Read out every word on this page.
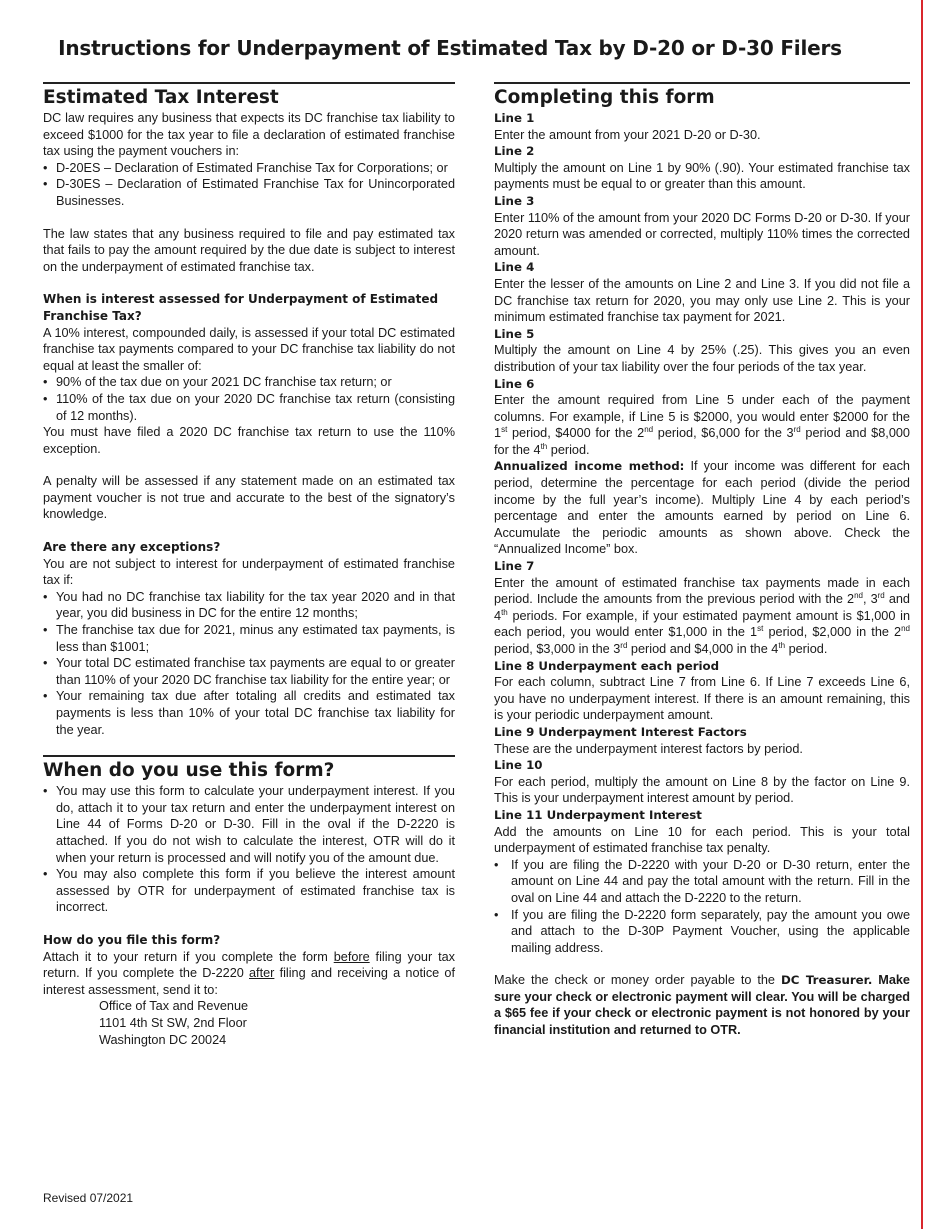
Instructions for Underpayment of Estimated Tax by D-20 or D-30 Filers
Estimated Tax Interest

DC law requires any business that expects its DC franchise tax liability to exceed $1000 for the tax year to file a declaration of estimated franchise tax using the payment vouchers in:

• D-20ES – Declaration of Estimated Franchise Tax for Corporations; or
• D-30ES – Declaration of Estimated Franchise Tax for Unincorporated Businesses.

The law states that any business required to file and pay estimated tax that fails to pay the amount required by the due date is subject to interest on the underpayment of estimated franchise tax.

When is interest assessed for Underpayment of Estimated Franchise Tax?

A 10% interest, compounded daily, is assessed if your total DC estimated franchise tax payments compared to your DC franchise tax liability do not equal at least the smaller of:

• 90% of the tax due on your 2021 DC franchise tax return; or
• 110% of the tax due on your 2020 DC franchise tax return (consisting of 12 months).

You must have filed a 2020 DC franchise tax return to use the 110% exception.

A penalty will be assessed if any statement made on an estimated tax payment voucher is not true and accurate to the best of the signatory’s knowledge.

Are there any exceptions?

You are not subject to interest for underpayment of estimated franchise tax if:

• You had no DC franchise tax liability for the tax year 2020 and in that year, you did business in DC for the entire 12 months;
• The franchise tax due for 2021, minus any estimated tax payments, is less than $1001;
• Your total DC estimated franchise tax payments are equal to or greater than 110% of your 2020 DC franchise tax liability for the entire year; or
• Your remaining tax due after totaling all credits and estimated tax payments is less than 10% of your total DC franchise tax liability for the year.
When do you use this form?
• You may use this form to calculate your underpayment interest. If you do, attach it to your tax return and enter the underpayment interest on Line 44 of Forms D-20 or D-30. Fill in the oval if the D-2220 is attached. If you do not wish to calculate the interest, OTR will do it when your return is processed and will notify you of the amount due.
• You may also complete this form if you believe the interest amount assessed by OTR for underpayment of estimated franchise tax is incorrect.
How do you file this form?

Attach it to your return if you complete the form before filing your tax return. If you complete the D-2220 after filing and receiving a notice of interest assessment, send it to:

Office of Tax and Revenue
1101 4th St SW, 2nd Floor
Washington DC 20024
Completing this form
Line 1

Enter the amount from your 2021 D-20 or D-30.

Line 2

Multiply the amount on Line 1 by 90% (.90). Your estimated franchise tax payments must be equal to or greater than this amount.

Line 3

Enter 110% of the amount from your 2020 DC Forms D-20 or D-30. If your 2020 return was amended or corrected, multiply 110% times the corrected amount.

Line 4

Enter the lesser of the amounts on Line 2 and Line 3. If you did not file a DC franchise tax return for 2020, you may only use Line 2. This is your minimum estimated franchise tax payment for 2021.

Line 5

Multiply the amount on Line 4 by 25% (.25). This gives you an even distribution of your tax liability over the four periods of the tax year.

Line 6

Enter the amount required from Line 5 under each of the payment columns. For example, if Line 5 is $2000, you would enter $2000 for the 1st period, $4000 for the 2nd period, $6,000 for the 3rd period and $8,000 for the 4th period.

Annualized income method: If your income was different for each period, determine the percentage for each period (divide the period income by the full year’s income). Multiply Line 4 by each period’s percentage and enter the amounts earned by period on Line 6. Accumulate the periodic amounts as shown above. Check the “Annualized Income” box.

Line 7

Enter the amount of estimated franchise tax payments made in each period. Include the amounts from the previous period with the 2nd, 3rd and 4th periods. For example, if your estimated payment amount is $1,000 in each period, you would enter $1,000 in the 1st period, $2,000 in the 2nd period, $3,000 in the 3rd period and $4,000 in the 4th period.

Line 8 Underpayment each period

For each column, subtract Line 7 from Line 6. If Line 7 exceeds Line 6, you have no underpayment interest. If there is an amount remaining, this is your periodic underpayment amount.

Line 9 Underpayment Interest Factors

These are the underpayment interest factors by period.

Line 10

For each period, multiply the amount on Line 8 by the factor on Line 9. This is your underpayment interest amount by period.

Line 11 Underpayment Interest

Add the amounts on Line 10 for each period. This is your total underpayment of estimated franchise tax penalty.

• If you are filing the D-2220 with your D-20 or D-30 return, enter the amount on Line 44 and pay the total amount with the return. Fill in the oval on Line 44 and attach the D-2220 to the return.
• If you are filing the D-2220 form separately, pay the amount you owe and attach to the D-30P Payment Voucher, using the applicable mailing address.

Make the check or money order payable to the DC Treasurer. Make sure your check or electronic payment will clear. You will be charged a $65 fee if your check or electronic payment is not honored by your financial institution and returned to OTR.

Revised 07/2021
